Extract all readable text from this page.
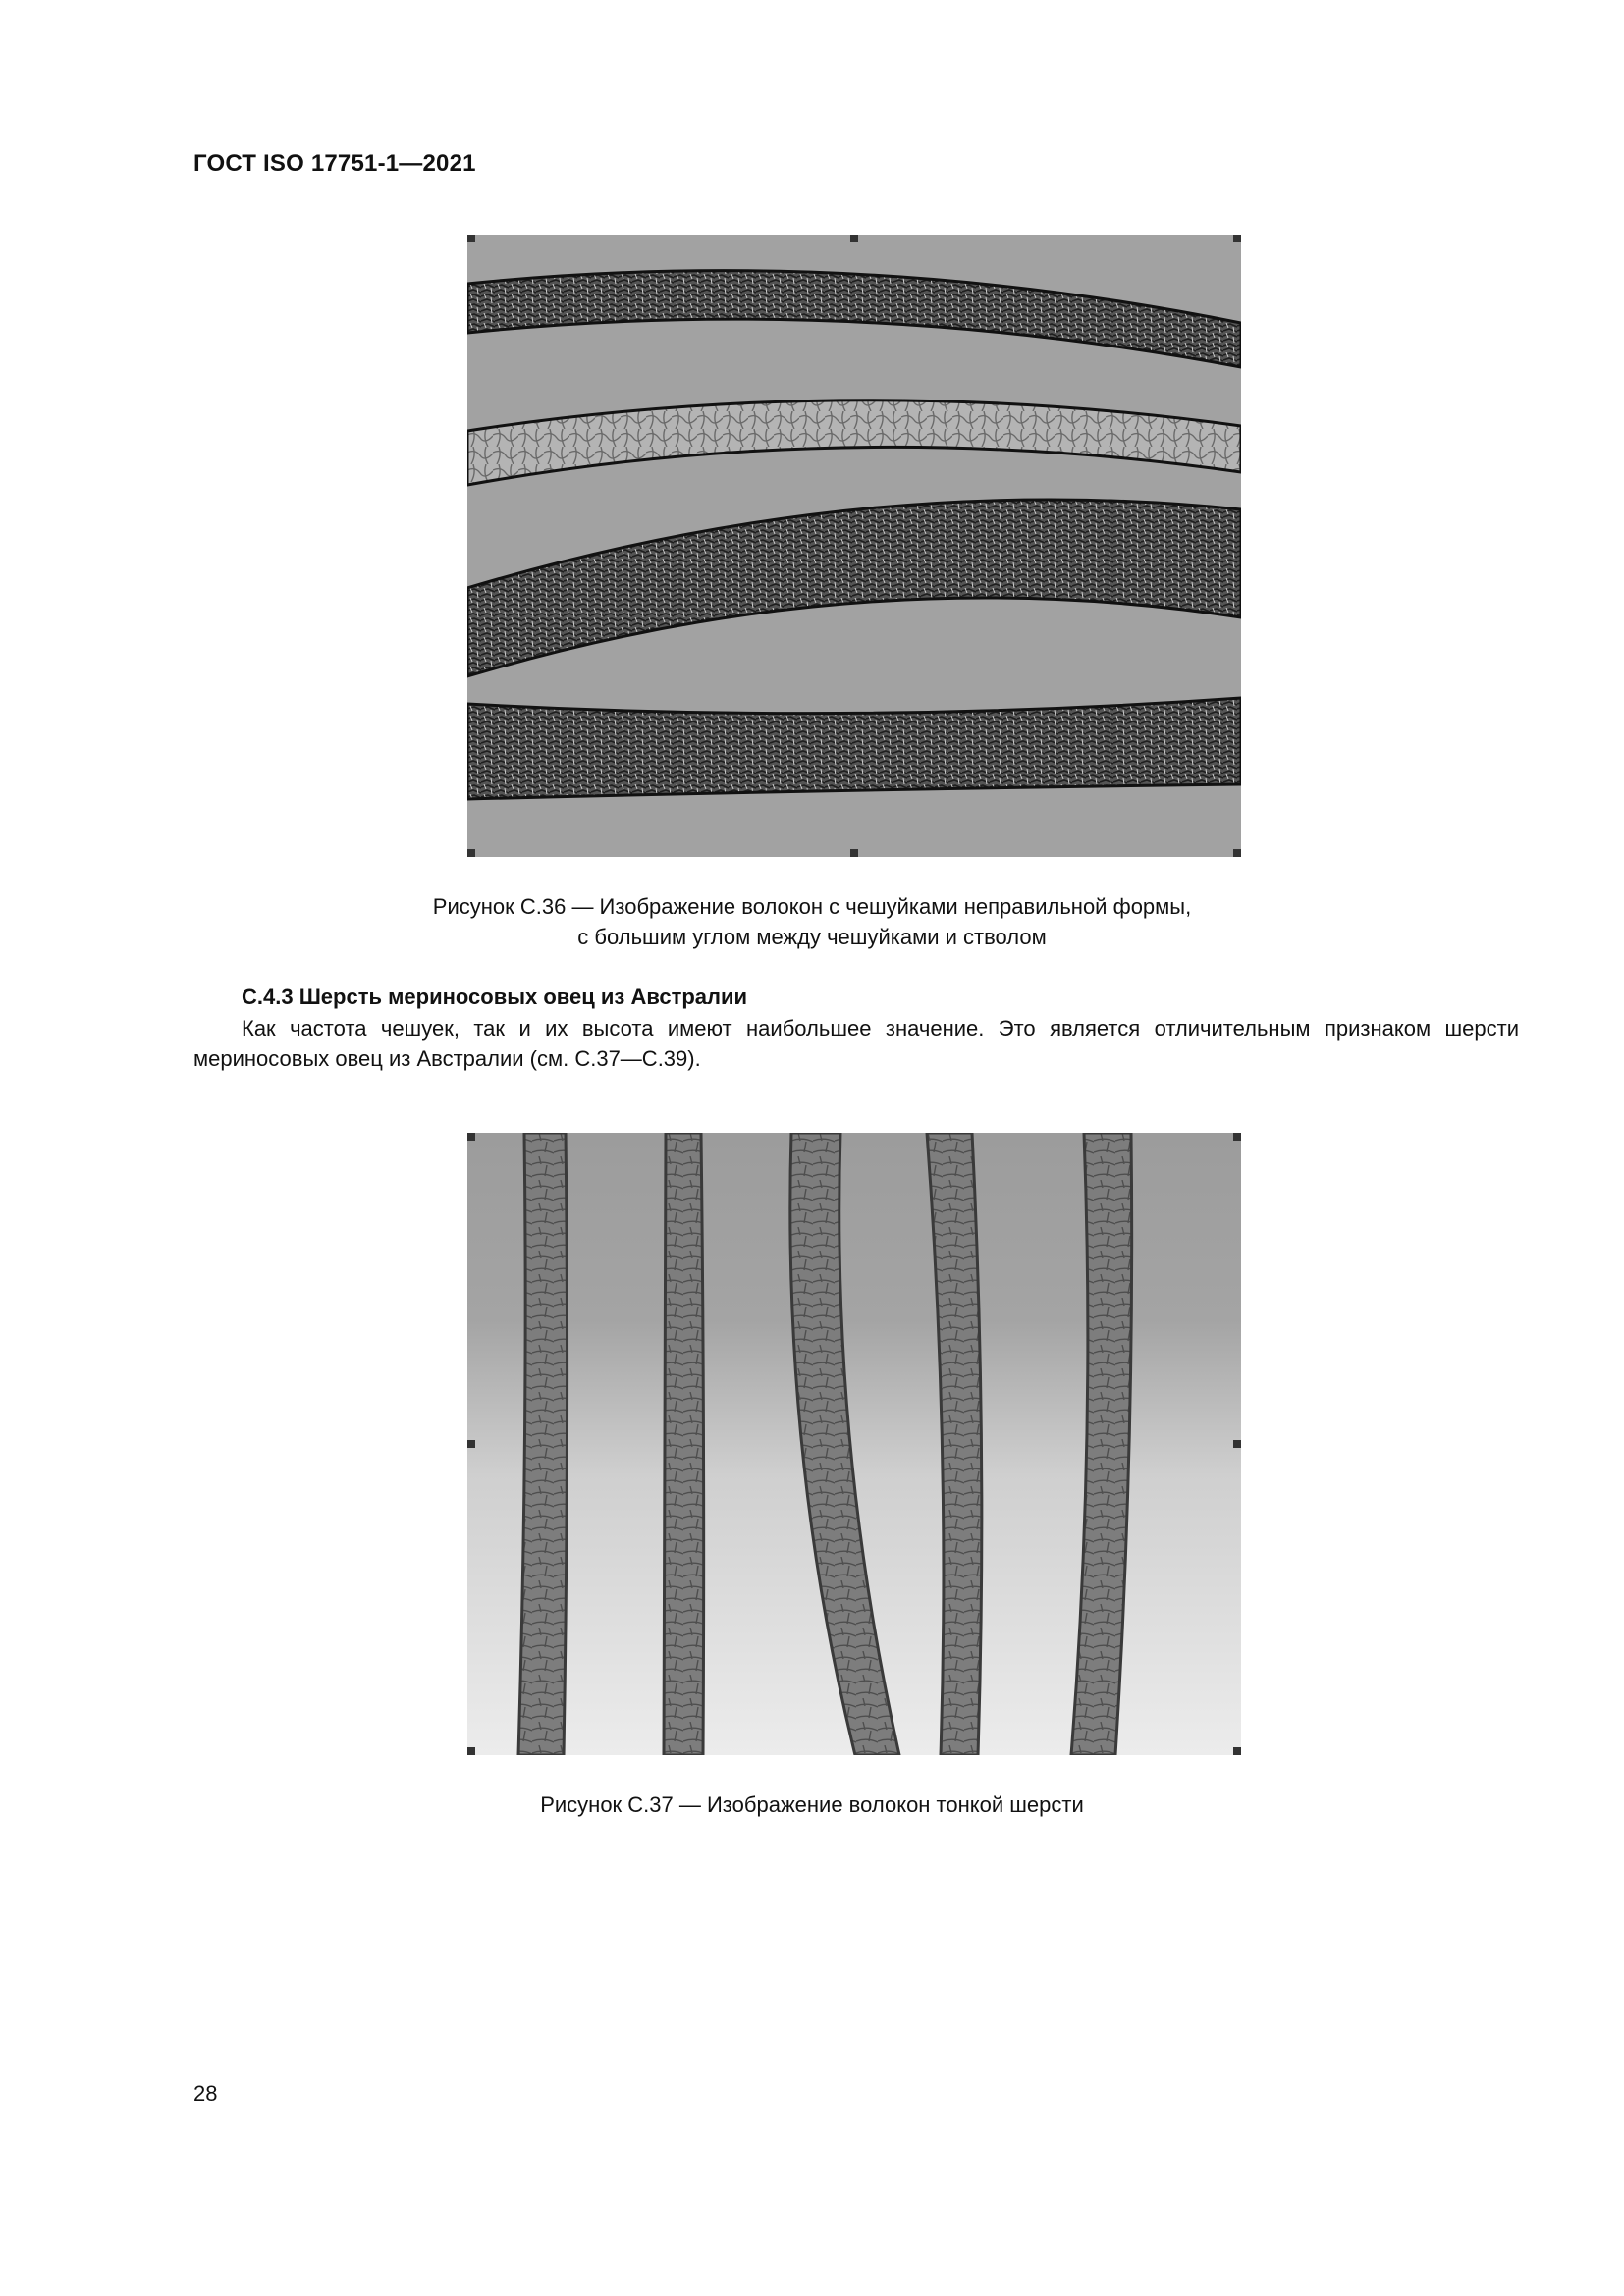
ГОСТ ISO 17751-1—2021
Рисунок С.36 — Изображение волокон с чешуйками неправильной формы,
с большим углом между чешуйками и стволом
С.4.3 Шерсть мериносовых овец из Австралии
Как частота чешуек, так и их высота имеют наибольшее значение. Это является отличительным признаком шерсти мериносовых овец из Австралии (см. С.37—С.39).
Рисунок С.37 — Изображение волокон тонкой шерсти
28
